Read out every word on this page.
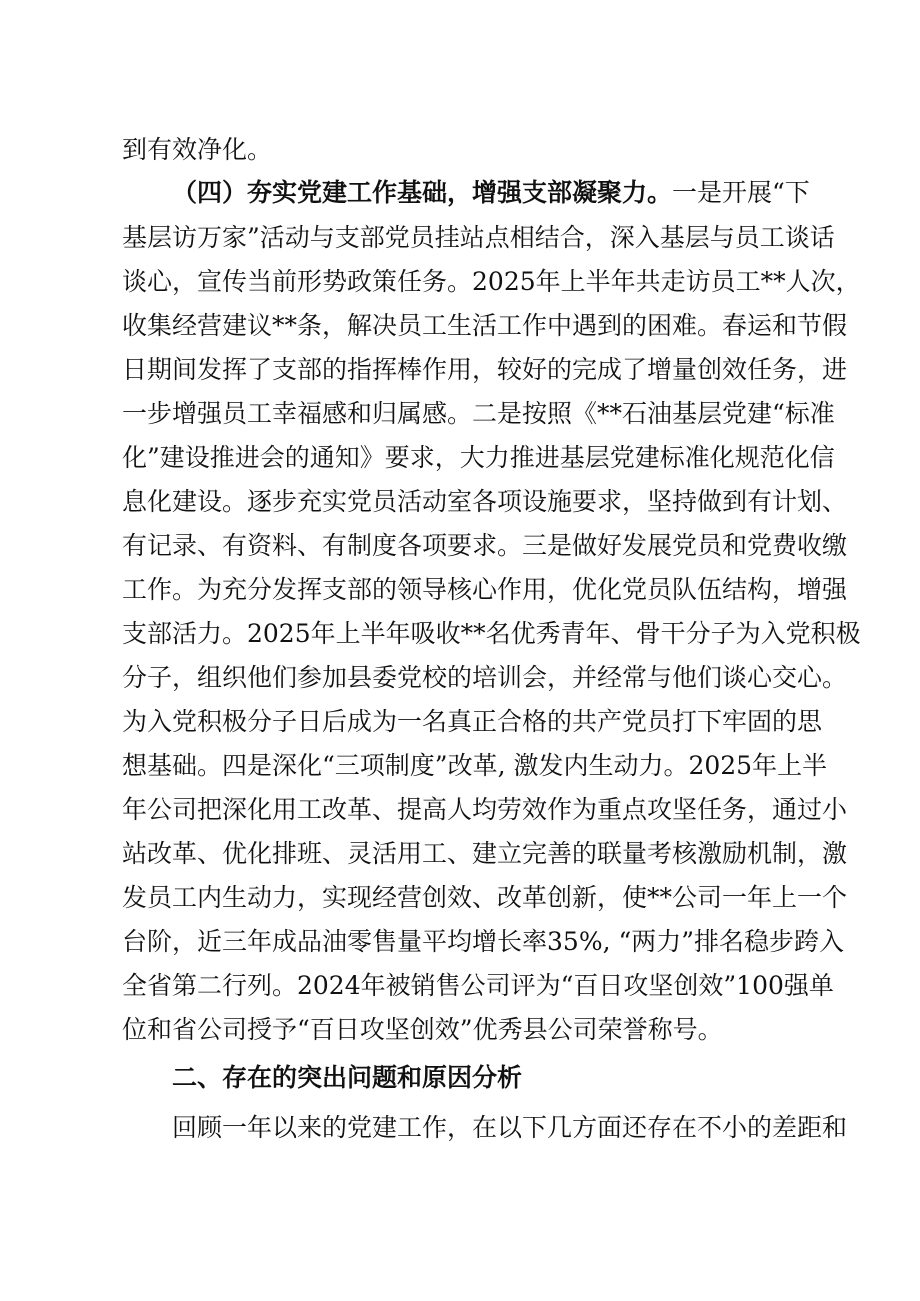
到有效净化。
（四）夯实党建工作基础，增强支部凝聚力。一是开展“下
基层访万家”活动与支部党员挂站点相结合，深入基层与员工谈话
谈心，宣传当前形势政策任务。2025年上半年共走访员工**人次，
收集经营建议**条，解决员工生活工作中遇到的困难。春运和节假
日期间发挥了支部的指挥棒作用，较好的完成了增量创效任务，进
一步增强员工幸福感和归属感。二是按照《**石油基层党建“标准
化”建设推进会的通知》要求，大力推进基层党建标准化规范化信
息化建设。逐步充实党员活动室各项设施要求，坚持做到有计划、
有记录、有资料、有制度各项要求。三是做好发展党员和党费收缴
工作。为充分发挥支部的领导核心作用，优化党员队伍结构，增强
支部活力。2025年上半年吸收**名优秀青年、骨干分子为入党积极
分子，组织他们参加县委党校的培训会，并经常与他们谈心交心。
为入党积极分子日后成为一名真正合格的共产党员打下牢固的思
想基础。四是深化“三项制度”改革, 激发内生动力。2025年上半
年公司把深化用工改革、提高人均劳效作为重点攻坚任务，通过小
站改革、优化排班、灵活用工、建立完善的联量考核激励机制，激
发员工内生动力，实现经营创效、改革创新，使**公司一年上一个
台阶，近三年成品油零售量平均增长率35%, “两力”排名稳步跨入
全省第二行列。2024年被销售公司评为“百日攻坚创效”100强单
位和省公司授予“百日攻坚创效”优秀县公司荣誉称号。
二、存在的突出问题和原因分析
回顾一年以来的党建工作，在以下几方面还存在不小的差距和
